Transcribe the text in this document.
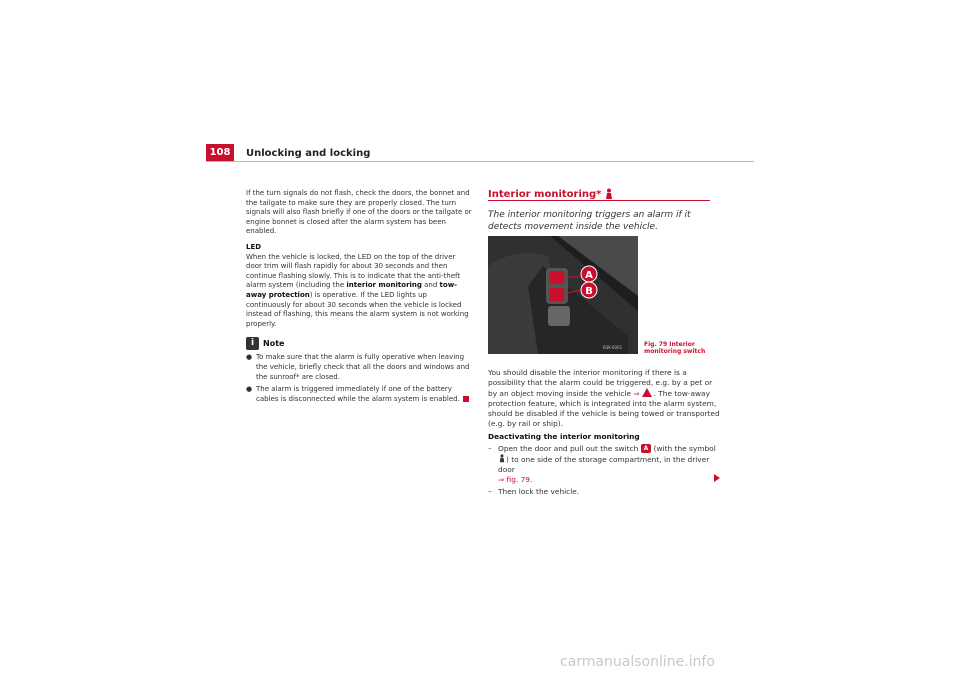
108	Unlocking and locking

If the turn signals do not flash, check the doors, the bonnet and the tailgate to make sure they are properly closed. The turn signals will also flash briefly if one of the doors or the tailgate or engine bonnet is closed after the alarm system has been enabled.

LED

When the vehicle is locked, the LED on the top of the driver door trim will flash rapidly for about 30 seconds and then continue flashing slowly. This is to indicate that the anti-theft alarm system (including the interior monitoring and tow-away protection) is operative. If the LED lights up continuously for about 30 seconds when the vehicle is locked instead of flashing, this means the alarm system is not working properly.

i	Note
● To make sure that the alarm is fully operative when leaving the vehicle, briefly check that all the doors and windows and the sunroof* are closed.
● The alarm is triggered immediately if one of the battery cables is disconnected while the alarm system is enabled.
Interior monitoring*
The interior monitoring triggers an alarm if it detects movement inside the vehicle.
B3K-0061
A
B
Fig. 79 Interior monitoring switch

You should disable the interior monitoring if there is a possibility that the alarm could be triggered, e.g. by a pet or by an object moving inside the vehicle ⇒ . The tow-away protection feature, which is integrated into the alarm system, should be disabled if the vehicle is being towed or transported (e.g. by rail or ship).

Deactivating the interior monitoring

– Open the door and pull out the switch A (with the symbol ) to one side of the storage compartment, in the driver door
⇒ fig. 79.
– Then lock the vehicle.
carmanualsonline.info
